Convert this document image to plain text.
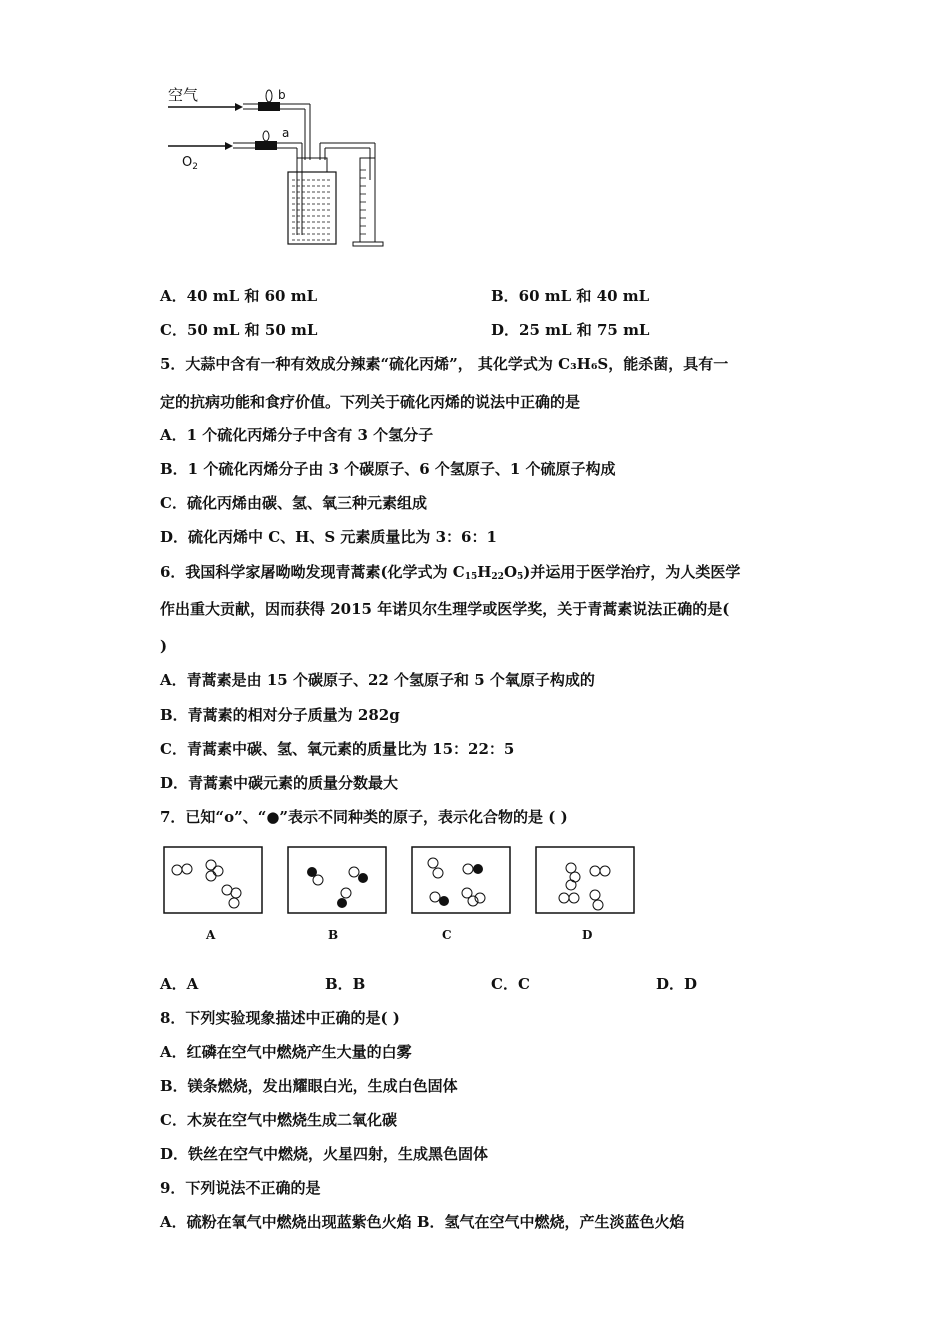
空气
$O_2$
b
a
A．40 mL 和 60 mL	B．60 mL 和 40 mL
C．50 mL 和 50 mL	D．25 mL 和 75 mL
5．大蒜中含有一种有效成分辣素“硫化丙烯”， 其化学式为 C₃H₆S，能杀菌，具有一
定的抗病功能和食疗价值。下列关于硫化丙烯的说法中正确的是
A．1 个硫化丙烯分子中含有 3 个氢分子
B．1 个硫化丙烯分子由 3 个碳原子、6 个氢原子、1 个硫原子构成
C．硫化丙烯由碳、氢、氧三种元素组成
D．硫化丙烯中 C、H、S 元素质量比为 3：6：1
6．我国科学家屠呦呦发现青蒿素(化学式为 $C_{15}H_{22}O_5$)并运用于医学治疗，为人类医学
作出重大贡献，因而获得 2015 年诺贝尔生理学或医学奖，关于青蒿素说法正确的是(
)
A．青蒿素是由 15 个碳原子、22 个氢原子和 5 个氧原子构成的
B．青蒿素的相对分子质量为 282g
C．青蒿素中碳、氢、氧元素的质量比为 15：22：5
D．青蒿素中碳元素的质量分数最大
7．已知“o”、“●”表示不同种类的原子，表示化合物的是 ( )
A	B	C	D
A．A	B．B	C．C	D．D
8．下列实验现象描述中正确的是( )
A．红磷在空气中燃烧产生大量的白雾
B．镁条燃烧，发出耀眼白光，生成白色固体
C．木炭在空气中燃烧生成二氧化碳
D．铁丝在空气中燃烧，火星四射，生成黑色固体
9．下列说法不正确的是
A．硫粉在氧气中燃烧出现蓝紫色火焰 B．氢气在空气中燃烧，产生淡蓝色火焰
